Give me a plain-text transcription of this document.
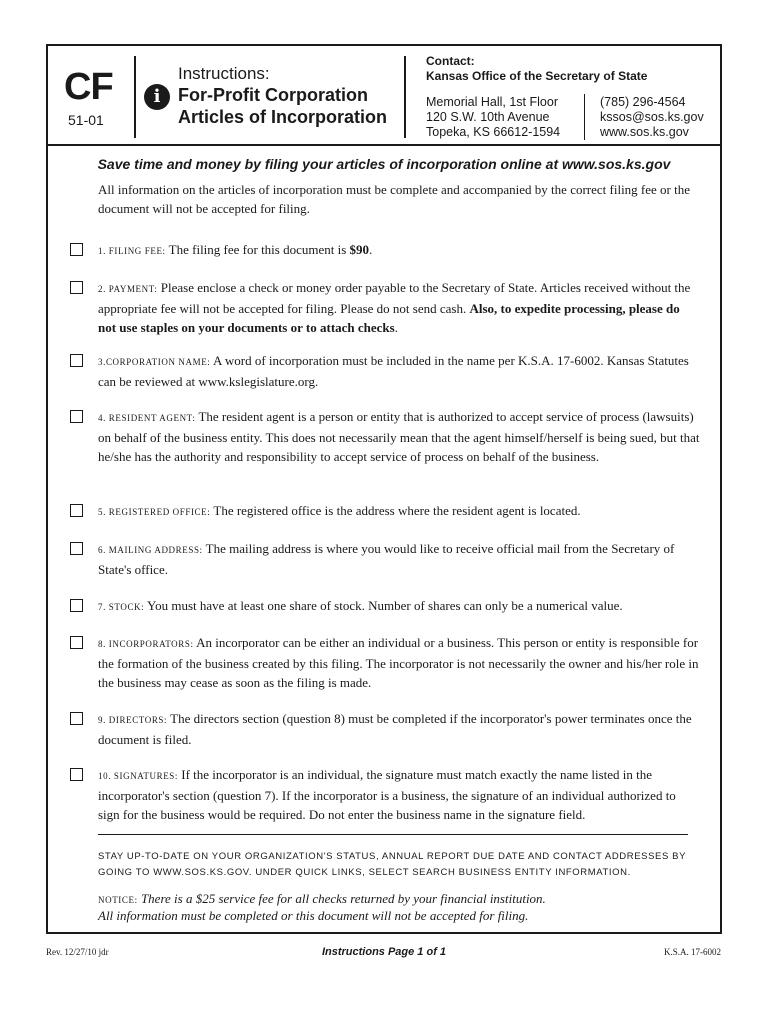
CF
51-01
i
Instructions:
For-Profit Corporation
Articles of Incorporation
Contact:
Kansas Office of the Secretary of State
Memorial Hall, 1st Floor
120 S.W. 10th Avenue
Topeka, KS 66612-1594
(785) 296-4564
kssos@sos.ks.gov
www.sos.ks.gov
Save time and money by filing your articles of incorporation online at www.sos.ks.gov
All information on the articles of incorporation must be complete and accompanied by the correct filing fee or the document will not be accepted for filing.
1. FILING FEE: The filing fee for this document is $90.
2. PAYMENT: Please enclose a check or money order payable to the Secretary of State. Articles received without the appropriate fee will not be accepted for filing. Please do not send cash. Also, to expedite processing, please do not use staples on your documents or to attach checks.
3.CORPORATION NAME: A word of incorporation must be included in the name per K.S.A. 17-6002. Kansas Statutes can be reviewed at www.kslegislature.org.
4. RESIDENT AGENT: The resident agent is a person or entity that is authorized to accept service of process (lawsuits) on behalf of the business entity. This does not necessarily mean that the agent himself/herself is being sued, but that he/she has the authority and responsibility to accept service of process on behalf of the business.
5. REGISTERED OFFICE: The registered office is the address where the resident agent is located.
6. MAILING ADDRESS: The mailing address is where you would like to receive official mail from the Secretary of State's office.
7. STOCK: You must have at least one share of stock. Number of shares can only be a numerical value.
8. INCORPORATORS: An incorporator can be either an individual or a business. This person or entity is responsible for the formation of the business created by this filing. The incorporator is not necessarily the owner and his/her role in the business may cease as soon as the filing is made.
9. DIRECTORS: The directors section (question 8) must be completed if the incorporator's power terminates once the document is filed.
10. SIGNATURES: If the incorporator is an individual, the signature must match exactly the name listed in the incorporator's section (question 7). If the incorporator is a business, the signature of an individual authorized to sign for the business would be required. Do not enter the business name in the signature field.
STAY UP-TO-DATE ON YOUR ORGANIZATION'S STATUS, ANNUAL REPORT DUE DATE AND CONTACT ADDRESSES BY GOING TO WWW.SOS.KS.GOV. UNDER QUICK LINKS, SELECT SEARCH BUSINESS ENTITY INFORMATION.
NOTICE: There is a $25 service fee for all checks returned by your financial institution.
All information must be completed or this document will not be accepted for filing.
Rev. 12/27/10 jdr	Instructions Page 1 of 1	K.S.A. 17-6002
